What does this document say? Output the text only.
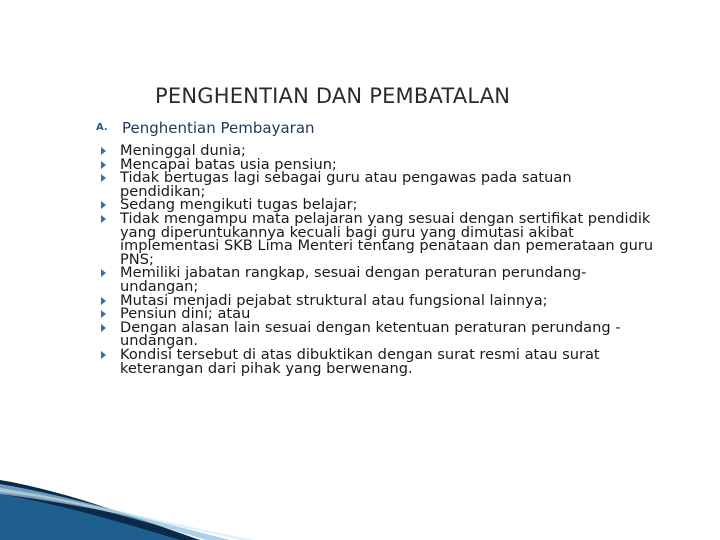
PENGHENTIAN DAN PEMBATALAN
A. Penghentian Pembayaran
Meninggal dunia;
Mencapai batas usia pensiun;
Tidak bertugas lagi sebagai guru atau pengawas pada satuan pendidikan;
Sedang mengikuti tugas belajar;
Tidak mengampu mata pelajaran yang sesuai dengan sertifikat pendidik yang diperuntukannya kecuali bagi guru yang dimutasi akibat implementasi SKB Lima Menteri tentang penataan dan pemerataan guru PNS;
Memiliki jabatan rangkap, sesuai dengan peraturan perundang-undangan;
Mutasi menjadi pejabat struktural atau fungsional lainnya;
Pensiun dini; atau
Dengan alasan lain sesuai dengan ketentuan peraturan perundang -undangan.
Kondisi tersebut di atas dibuktikan dengan surat resmi atau surat keterangan dari pihak yang berwenang.
